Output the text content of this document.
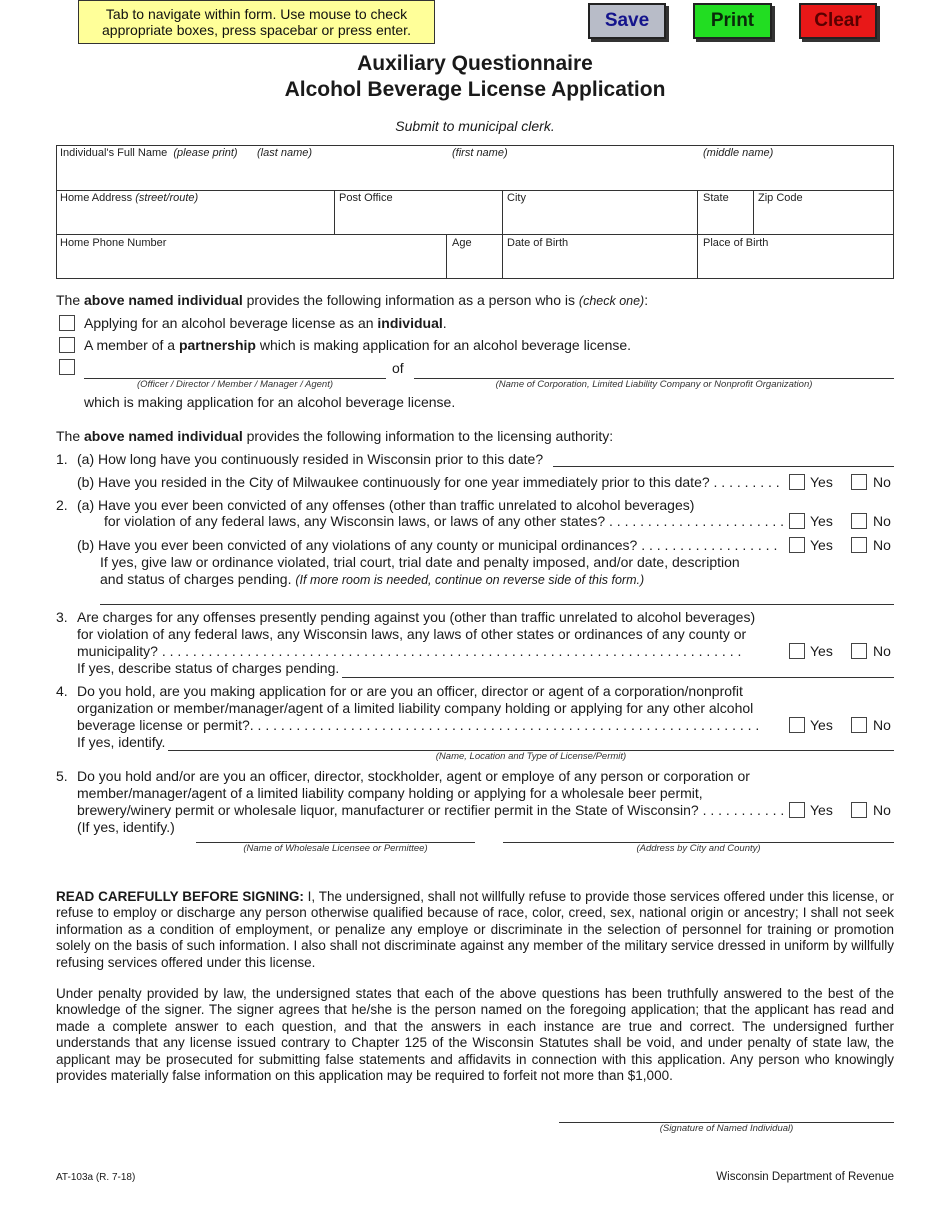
Tab to navigate within form. Use mouse to check appropriate boxes, press spacebar or press enter.	Save	Print	Clear
Auxiliary Questionnaire
Alcohol Beverage License Application
Submit to municipal clerk.
Individual's Full Name (please print) (last name)	(first name)	(middle name)
Home Address (street/route)	Post Office	City	State	Zip Code
Home Phone Number	Age	Date of Birth	Place of Birth
The above named individual provides the following information as a person who is (check one):
Applying for an alcohol beverage license as an individual.
A member of a partnership which is making application for an alcohol beverage license.
of
(Officer / Director / Member / Manager / Agent)	(Name of Corporation, Limited Liability Company or Nonprofit Organization)
which is making application for an alcohol beverage license.
The above named individual provides the following information to the licensing authority:
1. (a) How long have you continuously resided in Wisconsin prior to this date?
(b) Have you resided in the City of Milwaukee continuously for one year immediately prior to this date? . . . . . . . . . Yes	No
2. (a) Have you ever been convicted of any offenses (other than traffic unrelated to alcohol beverages)
for violation of any federal laws, any Wisconsin laws, or laws of any other states? . . . . . . . . . . . . . . . . . . . . . . . Yes	No
(b) Have you ever been convicted of any violations of any county or municipal ordinances? . . . . . . . . . . . . . . . . . . Yes	No
If yes, give law or ordinance violated, trial court, trial date and penalty imposed, and/or date, description
and status of charges pending. (If more room is needed, continue on reverse side of this form.)
3. Are charges for any offenses presently pending against you (other than traffic unrelated to alcohol beverages)
for violation of any federal laws, any Wisconsin laws, any laws of other states or ordinances of any county or
municipality? . . . . . . . . . . . . . . . . . . . . . . . . . . . . . . . . . . . . . . . . . . . . . . . . . . . . . . . . . . . . . . . . . . . . . . . . . . .	Yes	No
If yes, describe status of charges pending.
4. Do you hold, are you making application for or are you an officer, director or agent of a corporation/nonprofit
organization or member/manager/agent of a limited liability company holding or applying for any other alcohol
beverage license or permit?. . . . . . . . . . . . . . . . . . . . . . . . . . . . . . . . . . . . . . . . . . . . . . . . . . . . . . . . . . . . . . . . . .	Yes	No
If yes, identify.
(Name, Location and Type of License/Permit)
5. Do you hold and/or are you an officer, director, stockholder, agent or employe of any person or corporation or
member/manager/agent of a limited liability company holding or applying for a wholesale beer permit,
brewery/winery permit or wholesale liquor, manufacturer or rectifier permit in the State of Wisconsin? . . . . . . . . . . . Yes	No
(If yes, identify.)
(Name of Wholesale Licensee or Permittee)	(Address by City and County)
READ CAREFULLY BEFORE SIGNING: I, The undersigned, shall not willfully refuse to provide those services offered under this license, or refuse to employ or discharge any person otherwise qualified because of race, color, creed, sex, national origin or ancestry; I shall not seek information as a condition of employment, or penalize any employe or discriminate in the selection of personnel for training or promotion solely on the basis of such information. I also shall not discriminate against any member of the military service dressed in uniform by willfully refusing services offered under this license.
Under penalty provided by law, the undersigned states that each of the above questions has been truthfully answered to the best of the knowledge of the signer. The signer agrees that he/she is the person named on the foregoing application; that the applicant has read and made a complete answer to each question, and that the answers in each instance are true and correct. The undersigned further understands that any license issued contrary to Chapter 125 of the Wisconsin Statutes shall be void, and under penalty of state law, the applicant may be prosecuted for submitting false statements and affidavits in connection with this application. Any person who knowingly provides materially false information on this application may be required to forfeit not more than $1,000.
(Signature of Named Individual)
AT-103a (R. 7-18)	Wisconsin Department of Revenue
